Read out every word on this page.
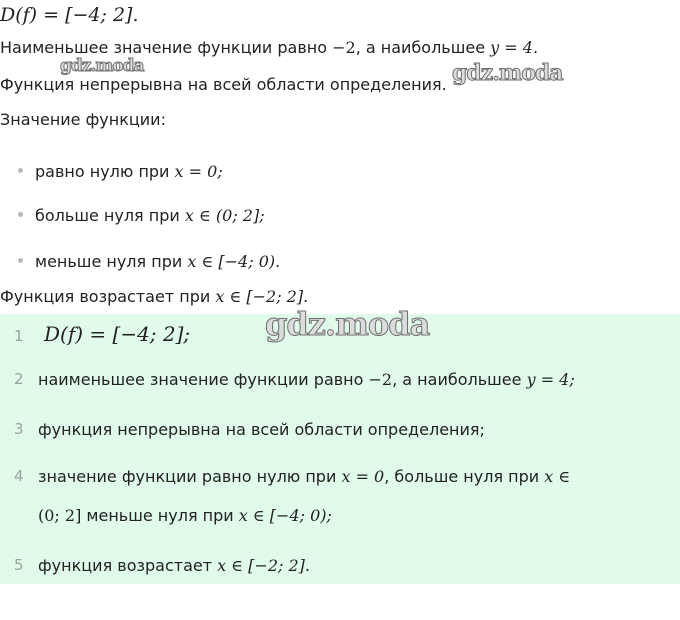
D(f) = [−4; 2].
Наименьшее значение функции равно −2, а наибольшее y = 4.
Функция непрерывна на всей области определения.
Значение функции:
равно нулю при x = 0;
больше нуля при x ∈ (0; 2];
меньше нуля при x ∈ [−4; 0).
Функция возрастает при x ∈ [−2; 2].
1 D(f) = [−4; 2];
2 наименьшее значение функции равно −2, а наибольшее y = 4;
3 функция непрерывна на всей области определения;
4 значение функции равно нулю при x = 0, больше нуля при x ∈
(0; 2] меньше нуля при x ∈ [−4; 0);
5 функция возрастает x ∈ [−2; 2].
gdz.moda	gdz.moda
gdz.moda
